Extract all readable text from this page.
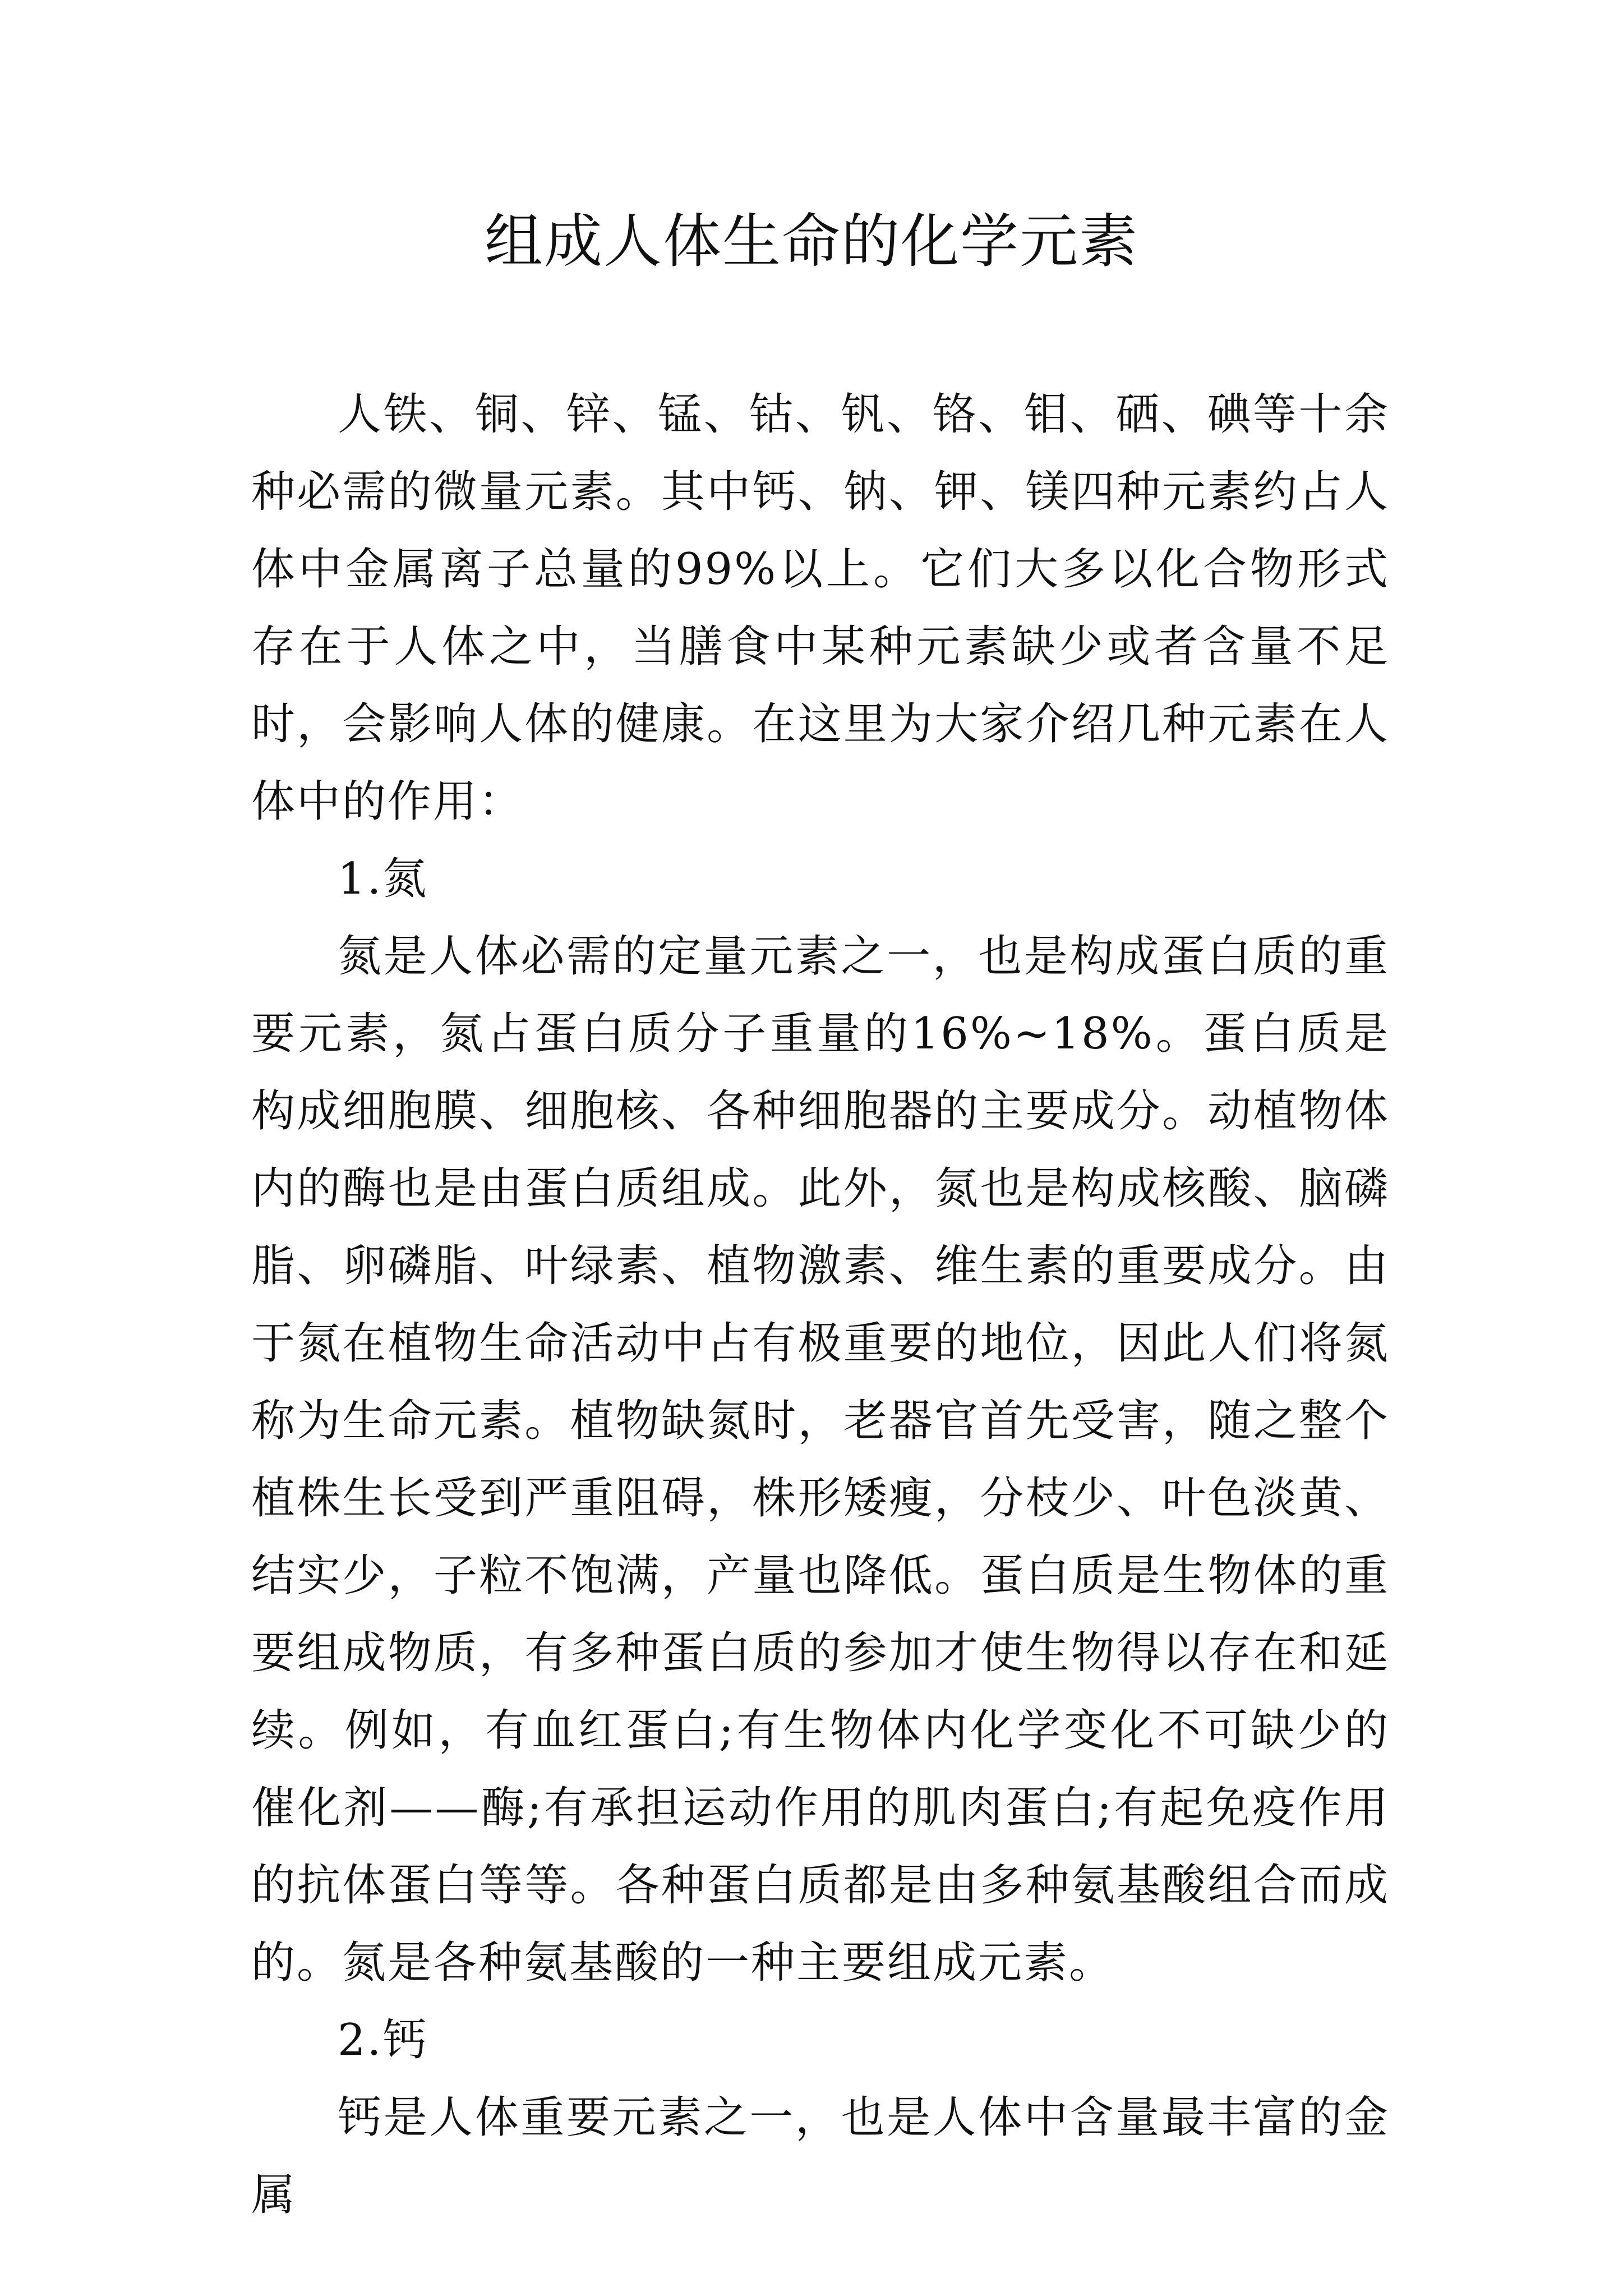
组成人体生命的化学元素

人铁、铜、锌、锰、钴、钒、铬、钼、硒、碘等十余种必需的微量元素。其中钙、钠、钾、镁四种元素约占人体中金属离子总量的99%以上。它们大多以化合物形式存在于人体之中，当膳食中某种元素缺少或者含量不足时，会影响人体的健康。在这里为大家介绍几种元素在人体中的作用：

1.氮

氮是人体必需的定量元素之一，也是构成蛋白质的重要元素，氮占蛋白质分子重量的16%~18%。蛋白质是构成细胞膜、细胞核、各种细胞器的主要成分。动植物体内的酶也是由蛋白质组成。此外，氮也是构成核酸、脑磷脂、卵磷脂、叶绿素、植物激素、维生素的重要成分。由于氮在植物生命活动中占有极重要的地位，因此人们将氮称为生命元素。植物缺氮时，老器官首先受害，随之整个植株生长受到严重阻碍，株形矮瘦，分枝少、叶色淡黄、结实少，子粒不饱满，产量也降低。蛋白质是生物体的重要组成物质，有多种蛋白质的参加才使生物得以存在和延续。例如，有血红蛋白;有生物体内化学变化不可缺少的催化剂——酶;有承担运动作用的肌肉蛋白;有起免疫作用的抗体蛋白等等。各种蛋白质都是由多种氨基酸组合而成的。氮是各种氨基酸的一种主要组成元素。

2.钙

钙是人体重要元素之一，也是人体中含量最丰富的金属
